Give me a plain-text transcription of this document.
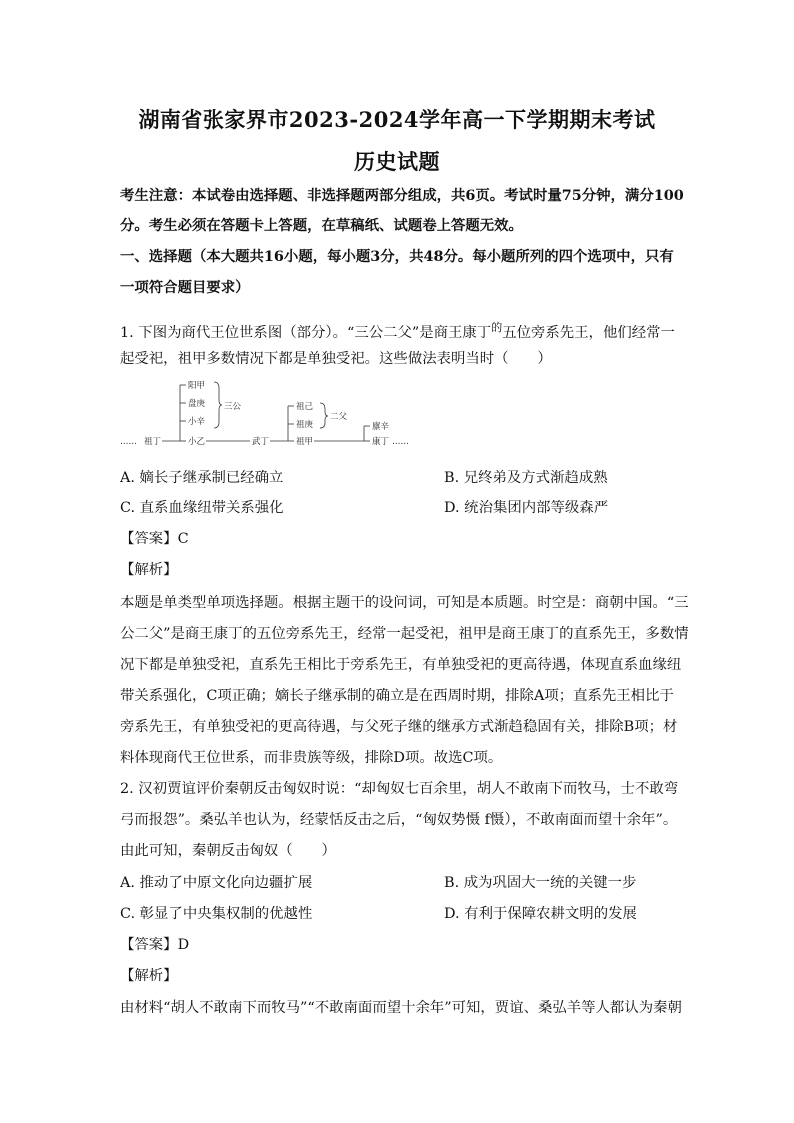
湖南省张家界市2023-2024学年高一下学期期末考试
历史试题
考生注意：本试卷由选择题、非选择题两部分组成，共6页。考试时量75分钟，满分100
分。考生必须在答题卡上答题，在草稿纸、试题卷上答题无效。
一、选择题（本大题共16小题，每小题3分，共48分。每小题所列的四个选项中，只有
一项符合题目要求）
1. 下图为商代王位世系图（部分）。“三公二父”是商王康丁$^的$五位旁系先王，他们经常一
起受祀，祖甲多数情况下都是单独受祀。这些做法表明当时（　　）
…… 祖丁
阳甲
盘庚
小辛
小乙
三公
武丁
祖己
祖庚
祖甲
二父
廪辛
康丁 ……
A. 嫡长子继承制已经确立	B. 兄终弟及方式渐趋成熟
C. 直系血缘纽带关系强化	D. 统治集团内部等级森严
【答案】C
【解析】
本题是单类型单项选择题。根据主题干的设问词，可知是本质题。时空是：商朝中国。“三
公二父”是商王康丁的五位旁系先王，经常一起受祀，祖甲是商王康丁的直系先王，多数情
况下都是单独受祀，直系先王相比于旁系先王，有单独受祀的更高待遇，体现直系血缘纽
带关系强化，C项正确；嫡长子继承制的确立是在西周时期，排除A项；直系先王相比于
旁系先王，有单独受祀的更高待遇，与父死子继的继承方式渐趋稳固有关，排除B项；材
料体现商代王位世系，而非贵族等级，排除D项。故选C项。
2. 汉初贾谊评价秦朝反击匈奴时说：“却匈奴七百余里，胡人不敢南下而牧马，士不敢弯
弓而报怨”。桑弘羊也认为，经蒙恬反击之后，“匈奴势慑 f慑），不敢南面而望十余年”。
由此可知，秦朝反击匈奴（　　）
A. 推动了中原文化向边疆扩展	B. 成为巩固大一统的关键一步
C. 彰显了中央集权制的优越性	D. 有利于保障农耕文明的发展
【答案】D
【解析】
由材料“胡人不敢南下而牧马”“不敢南面而望十余年”可知，贾谊、桑弘羊等人都认为秦朝
